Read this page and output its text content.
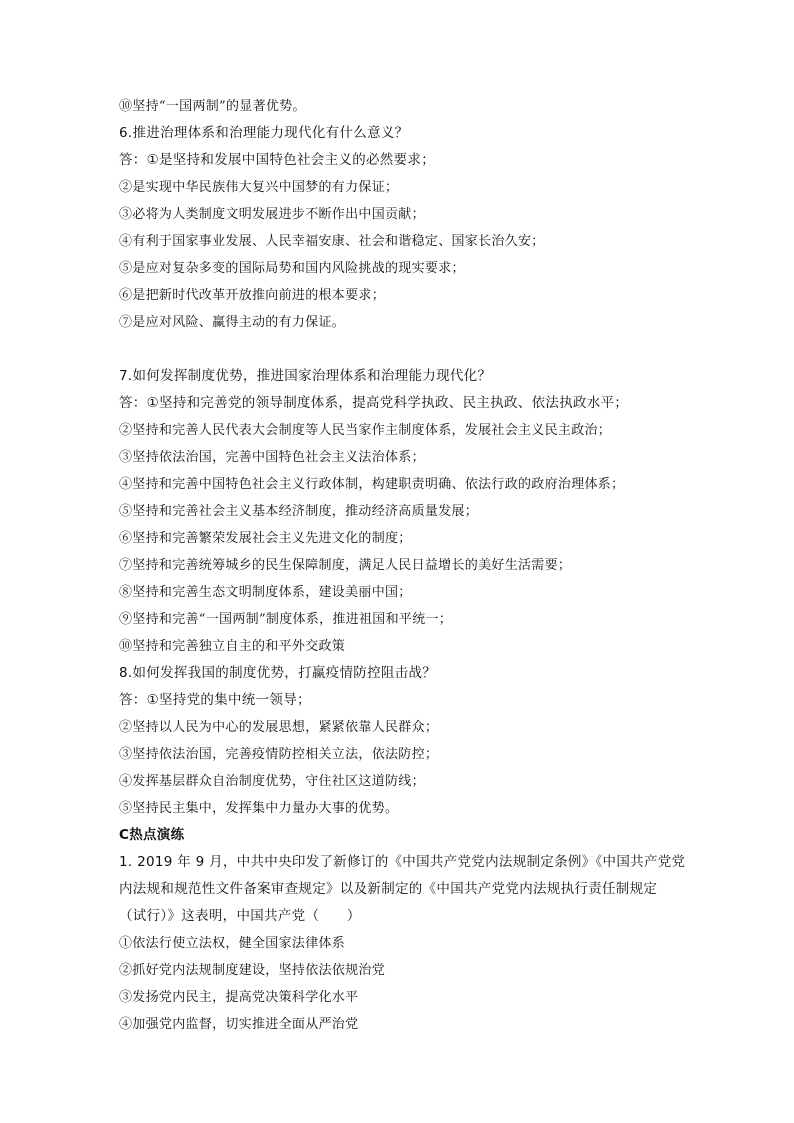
⑩坚持“一国两制”的显著优势。
6.推进治理体系和治理能力现代化有什么意义？
答：①是坚持和发展中国特色社会主义的必然要求；
②是实现中华民族伟大复兴中国梦的有力保证；
③必将为人类制度文明发展进步不断作出中国贡献；
④有利于国家事业发展、人民幸福安康、社会和谐稳定、国家长治久安；
⑤是应对复杂多变的国际局势和国内风险挑战的现实要求；
⑥是把新时代改革开放推向前进的根本要求；
⑦是应对风险、赢得主动的有力保证。
7.如何发挥制度优势，推进国家治理体系和治理能力现代化？
答：①坚持和完善党的领导制度体系，提高党科学执政、民主执政、依法执政水平；
②坚持和完善人民代表大会制度等人民当家作主制度体系，发展社会主义民主政治；
③坚持依法治国，完善中国特色社会主义法治体系；
④坚持和完善中国特色社会主义行政体制，构建职责明确、依法行政的政府治理体系；
⑤坚持和完善社会主义基本经济制度，推动经济高质量发展；
⑥坚持和完善繁荣发展社会主义先进文化的制度；
⑦坚持和完善统筹城乡的民生保障制度，满足人民日益增长的美好生活需要；
⑧坚持和完善生态文明制度体系，建设美丽中国；
⑨坚持和完善“一国两制”制度体系，推进祖国和平统一；
⑩坚持和完善独立自主的和平外交政策
8.如何发挥我国的制度优势，打赢疫情防控阻击战？
答：①坚持党的集中统一领导；
②坚持以人民为中心的发展思想，紧紧依靠人民群众；
③坚持依法治国，完善疫情防控相关立法，依法防控；
④发挥基层群众自治制度优势，守住社区这道防线；
⑤坚持民主集中，发挥集中力量办大事的优势。
C热点演练
1. 2019 年 9 月，中共中央印发了新修订的《中国共产党党内法规制定条例》《中国共产党党
内法规和规范性文件备案审查规定》以及新制定的《中国共产党党内法规执行责任制规定
（试行）》这表明，中国共产党（　　）
①依法行使立法权，健全国家法律体系
②抓好党内法规制度建设，坚持依法依规治党
③发扬党内民主，提高党决策科学化水平
④加强党内监督，切实推进全面从严治党
